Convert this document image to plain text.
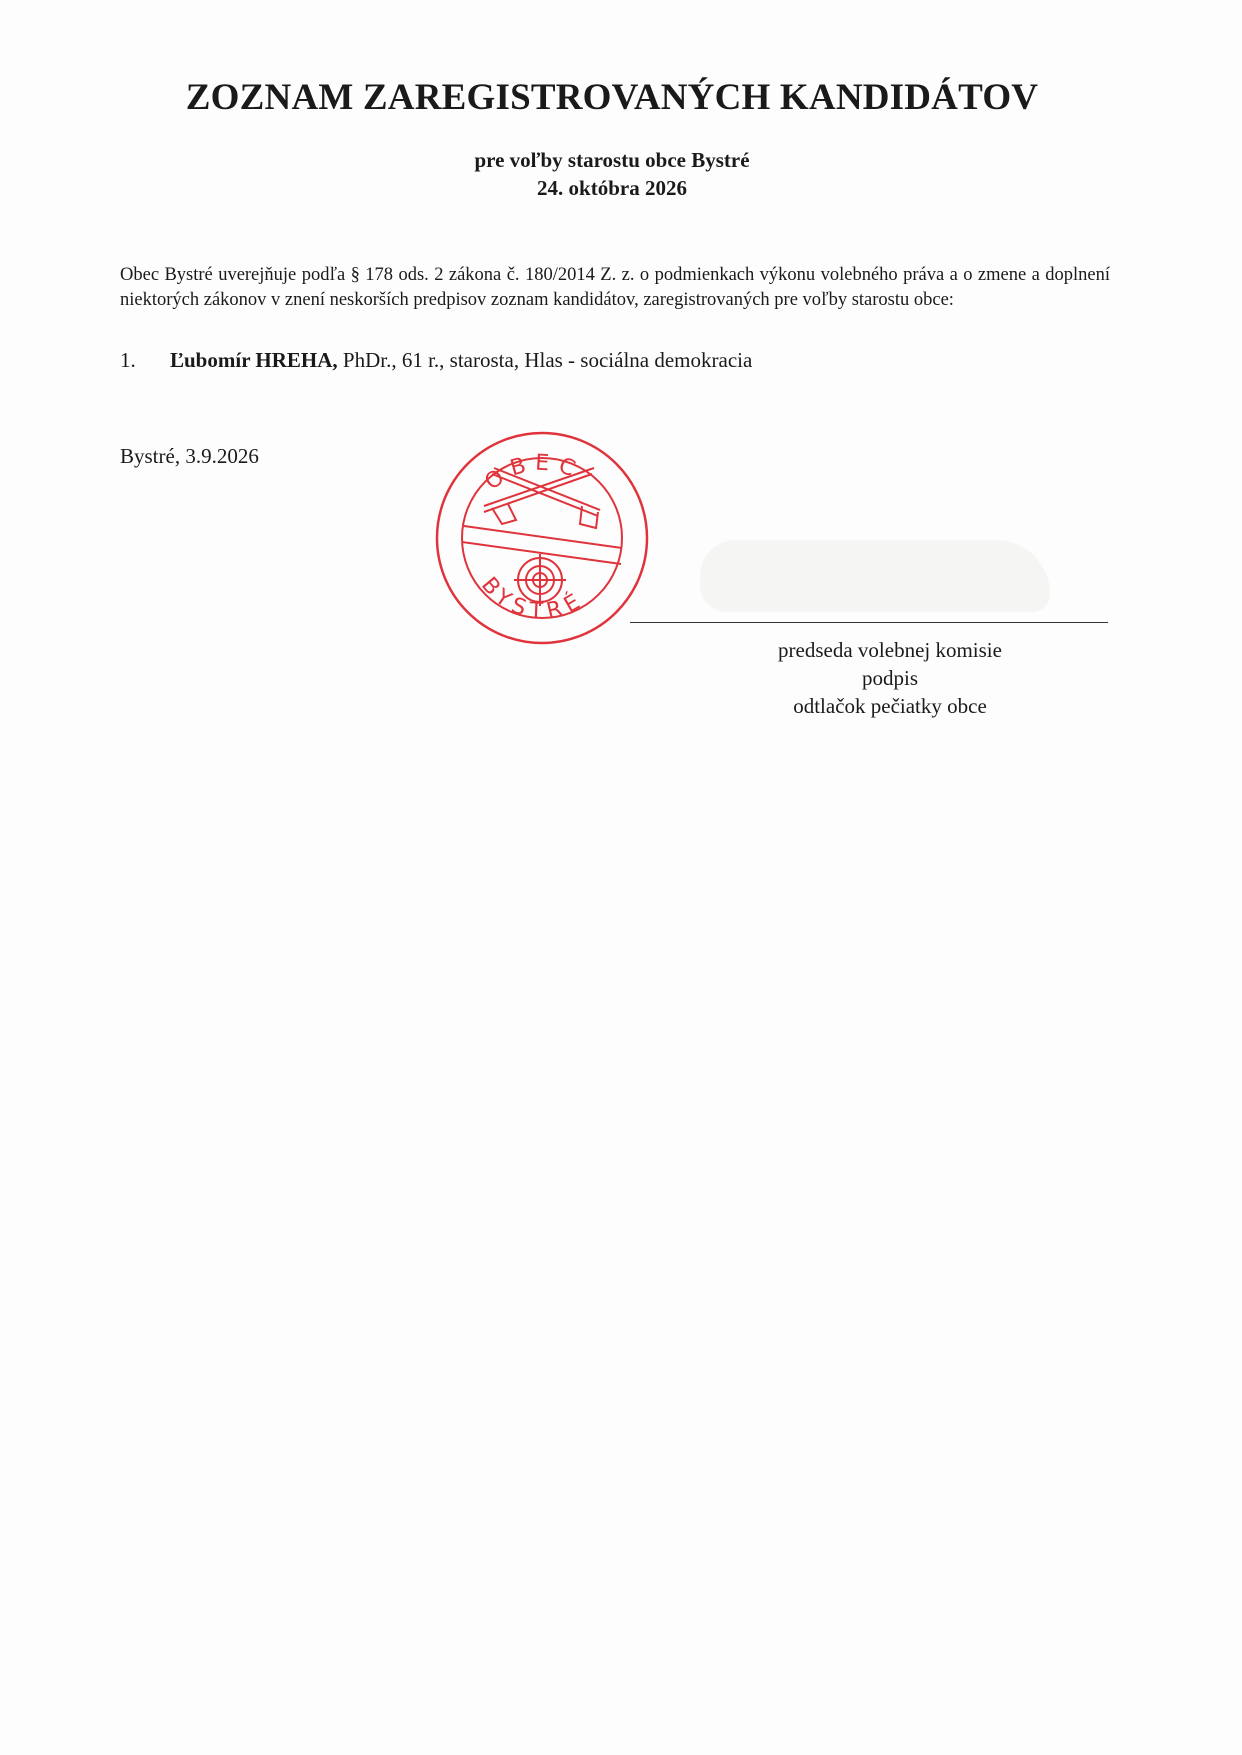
ZOZNAM ZAREGISTROVANÝCH KANDIDÁTOV
pre voľby starostu obce Bystré
24. októbra 2026

Obec Bystré uverejňuje podľa § 178 ods. 2 zákona č. 180/2014 Z. z. o podmienkach výkonu volebného práva a o zmene a doplnení niektorých zákonov v znení neskorších predpisov zoznam kandidátov, zaregistrovaných pre voľby starostu obce:

1. Ľubomír HREHA, PhDr., 61 r., starosta, Hlas - sociálna demokracia
Bystré, 3.9.2026
OBEC
BYSTRÉ
predseda volebnej komisie
podpis
odtlačok pečiatky obce
